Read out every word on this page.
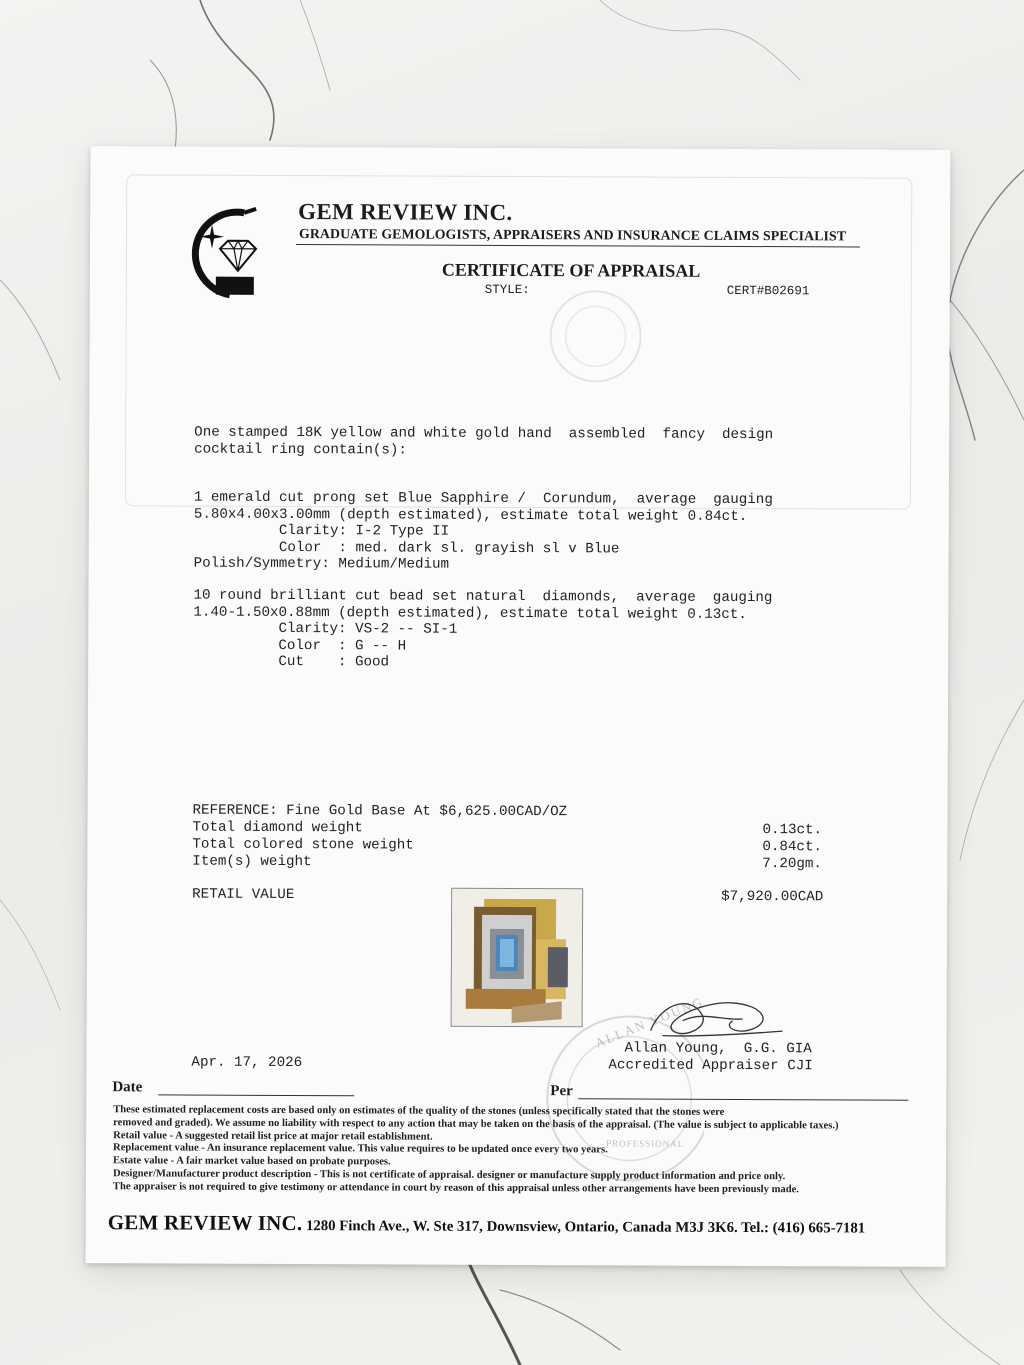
GEM REVIEW INC.
GRADUATE GEMOLOGISTS, APPRAISERS AND INSURANCE CLAIMS SPECIALIST
CERTIFICATE OF APPRAISAL
STYLE:	CERT#B02691
One stamped 18K yellow and white gold hand  assembled  fancy  design
cocktail ring contain(s):
1 emerald cut prong set Blue Sapphire /  Corundum,  average  gauging
5.80x4.00x3.00mm (depth estimated), estimate total weight 0.84ct.
Clarity: I-2 Type II
Color  : med. dark sl. grayish sl v Blue
Polish/Symmetry: Medium/Medium
10 round brilliant cut bead set natural  diamonds,  average  gauging
1.40-1.50x0.88mm (depth estimated), estimate total weight 0.13ct.
Clarity: VS-2 -- SI-1
Color  : G -- H
Cut    : Good
REFERENCE: Fine Gold Base At $6,625.00CAD/OZ
Total diamond weight	0.13ct.
Total colored stone weight	0.84ct.
Item(s) weight	7.20gm.
RETAIL VALUE	$7,920.00CAD
ALLAN YOUNG
PROFESSIONAL
Apr. 17, 2026
Allan Young,  G.G. GIA
Accredited Appraiser CJI
Date	Per
These estimated replacement costs are based only on estimates of the quality of the stones (unless specifically stated that the stones were
removed and graded). We assume no liability with respect to any action that may be taken on the basis of the appraisal. (The value is subject to applicable taxes.)
Retail value - A suggested retail list price at major retail establishment.
Replacement value - An insurance replacement value. This value requires to be updated once every two years.
Estate value - A fair market value based on probate purposes.
Designer/Manufacturer product description - This is not certificate of appraisal. designer or manufacture supply product information and price only.
The appraiser is not required to give testimony or attendance in court by reason of this appraisal unless other arrangements have been previously made.
GEM REVIEW INC. 1280 Finch Ave., W. Ste 317, Downsview, Ontario, Canada M3J 3K6. Tel.: (416) 665-7181
